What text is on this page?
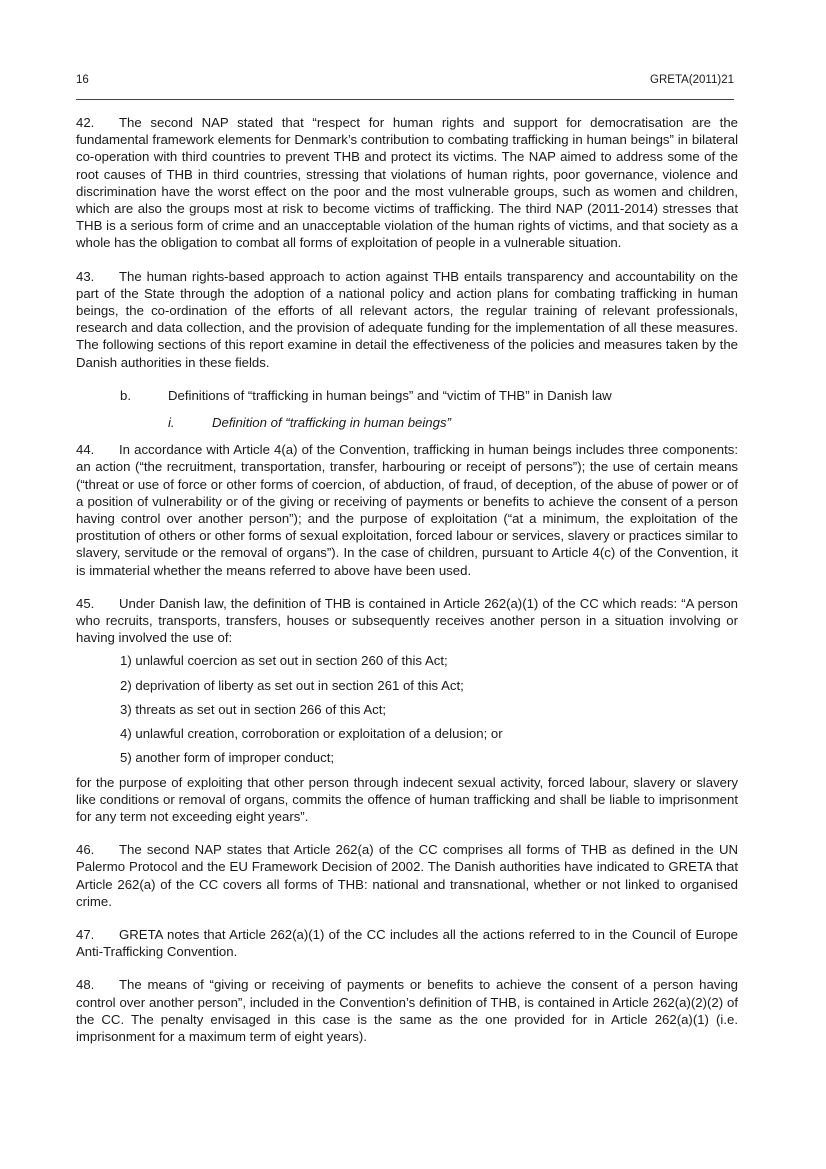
16	GRETA(2011)21

42. The second NAP stated that “respect for human rights and support for democratisation are the fundamental framework elements for Denmark’s contribution to combating trafficking in human beings” in bilateral co-operation with third countries to prevent THB and protect its victims. The NAP aimed to address some of the root causes of THB in third countries, stressing that violations of human rights, poor governance, violence and discrimination have the worst effect on the poor and the most vulnerable groups, such as women and children, which are also the groups most at risk to become victims of trafficking. The third NAP (2011-2014) stresses that THB is a serious form of crime and an unacceptable violation of the human rights of victims, and that society as a whole has the obligation to combat all forms of exploitation of people in a vulnerable situation.

43. The human rights-based approach to action against THB entails transparency and accountability on the part of the State through the adoption of a national policy and action plans for combating trafficking in human beings, the co-ordination of the efforts of all relevant actors, the regular training of relevant professionals, research and data collection, and the provision of adequate funding for the implementation of all these measures. The following sections of this report examine in detail the effectiveness of the policies and measures taken by the Danish authorities in these fields.

b.	Definitions of “trafficking in human beings” and “victim of THB” in Danish law
i.	Definition of “trafficking in human beings”

44. In accordance with Article 4(a) of the Convention, trafficking in human beings includes three components: an action (“the recruitment, transportation, transfer, harbouring or receipt of persons”); the use of certain means (“threat or use of force or other forms of coercion, of abduction, of fraud, of deception, of the abuse of power or of a position of vulnerability or of the giving or receiving of payments or benefits to achieve the consent of a person having control over another person”); and the purpose of exploitation (“at a minimum, the exploitation of the prostitution of others or other forms of sexual exploitation, forced labour or services, slavery or practices similar to slavery, servitude or the removal of organs”). In the case of children, pursuant to Article 4(c) of the Convention, it is immaterial whether the means referred to above have been used.

45. Under Danish law, the definition of THB is contained in Article 262(a)(1) of the CC which reads: “A person who recruits, transports, transfers, houses or subsequently receives another person in a situation involving or having involved the use of:

1) unlawful coercion as set out in section 260 of this Act;
2) deprivation of liberty as set out in section 261 of this Act;
3) threats as set out in section 266 of this Act;
4) unlawful creation, corroboration or exploitation of a delusion; or
5) another form of improper conduct;

for the purpose of exploiting that other person through indecent sexual activity, forced labour, slavery or slavery like conditions or removal of organs, commits the offence of human trafficking and shall be liable to imprisonment for any term not exceeding eight years”.

46. The second NAP states that Article 262(a) of the CC comprises all forms of THB as defined in the UN Palermo Protocol and the EU Framework Decision of 2002. The Danish authorities have indicated to GRETA that Article 262(a) of the CC covers all forms of THB: national and transnational, whether or not linked to organised crime.

47. GRETA notes that Article 262(a)(1) of the CC includes all the actions referred to in the Council of Europe Anti-Trafficking Convention.

48. The means of “giving or receiving of payments or benefits to achieve the consent of a person having control over another person”, included in the Convention’s definition of THB, is contained in Article 262(a)(2)(2) of the CC. The penalty envisaged in this case is the same as the one provided for in Article 262(a)(1) (i.e. imprisonment for a maximum term of eight years).
